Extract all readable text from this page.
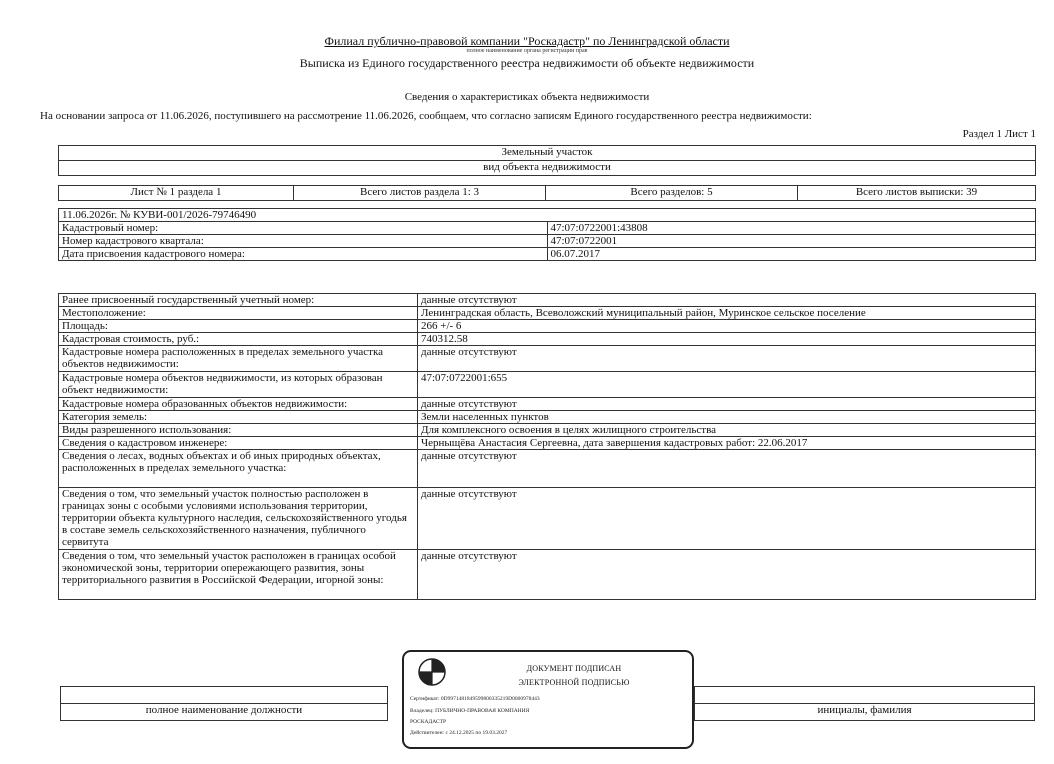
Филиал публично-правовой компании "Роскадастр" по Ленинградской области
полное наименование органа регистрации прав
Выписка из Единого государственного реестра недвижимости об объекте недвижимости
Сведения о характеристиках объекта недвижимости
На основании запроса от 11.06.2026, поступившего на рассмотрение 11.06.2026, сообщаем, что согласно записям Единого государственного реестра недвижимости:
Раздел 1 Лист 1
Земельный участок
вид объекта недвижимости
Лист № 1 раздела 1	Всего листов раздела 1: 3	Всего разделов: 5	Всего листов выписки: 39
11.06.2026г. № КУВИ-001/2026-79746490	
Кадастровый номер:	47:07:0722001:43808
Номер кадастрового квартала:	47:07:0722001
Дата присвоения кадастрового номера:	06.07.2017
Ранее присвоенный государственный учетный номер:	данные отсутствуют
Местоположение:	Ленинградская область, Всеволожский муниципальный район, Муринское сельское поселение
Площадь:	266 +/- 6
Кадастровая стоимость, руб.:	740312.58
Кадастровые номера расположенных в пределах земельного участка объектов недвижимости:	данные отсутствуют
Кадастровые номера объектов недвижимости, из которых образован объект недвижимости:	47:07:0722001:655
Кадастровые номера образованных объектов недвижимости:	данные отсутствуют
Категория земель:	Земли населенных пунктов
Виды разрешенного использования:	Для комплексного освоения в целях жилищного строительства
Сведения о кадастровом инженере:	Черныщёва Анастасия Сергеевна, дата завершения кадастровых работ: 22.06.2017
Сведения о лесах, водных объектах и об иных природных объектах, расположенных в пределах земельного участка:	данные отсутствуют
Сведения о том, что земельный участок полностью расположен в границах зоны с особыми условиями использования территории, территории объекта культурного наследия, сельскохозяйственного угодья в составе земель сельскохозяйственного назначения, публичного сервитута	данные отсутствуют
Сведения о том, что земельный участок расположен в границах особой экономической зоны, территории опережающего развития, зоны территориального развития в Российской Федерации, игорной зоны:	данные отсутствуют

полное наименование должности		инициалы, фамилия
ДОКУМЕНТ ПОДПИСАН
ЭЛЕКТРОННОЙ ПОДПИСЬЮ
Сертификат: 0D9971481849599800335219D0000978443
Владелец: ПУБЛИЧНО-ПРАВОВАЯ КОМПАНИЯ
РОСКАДАСТР
Действителен: с 24.12.2025 по 19.03.2027
